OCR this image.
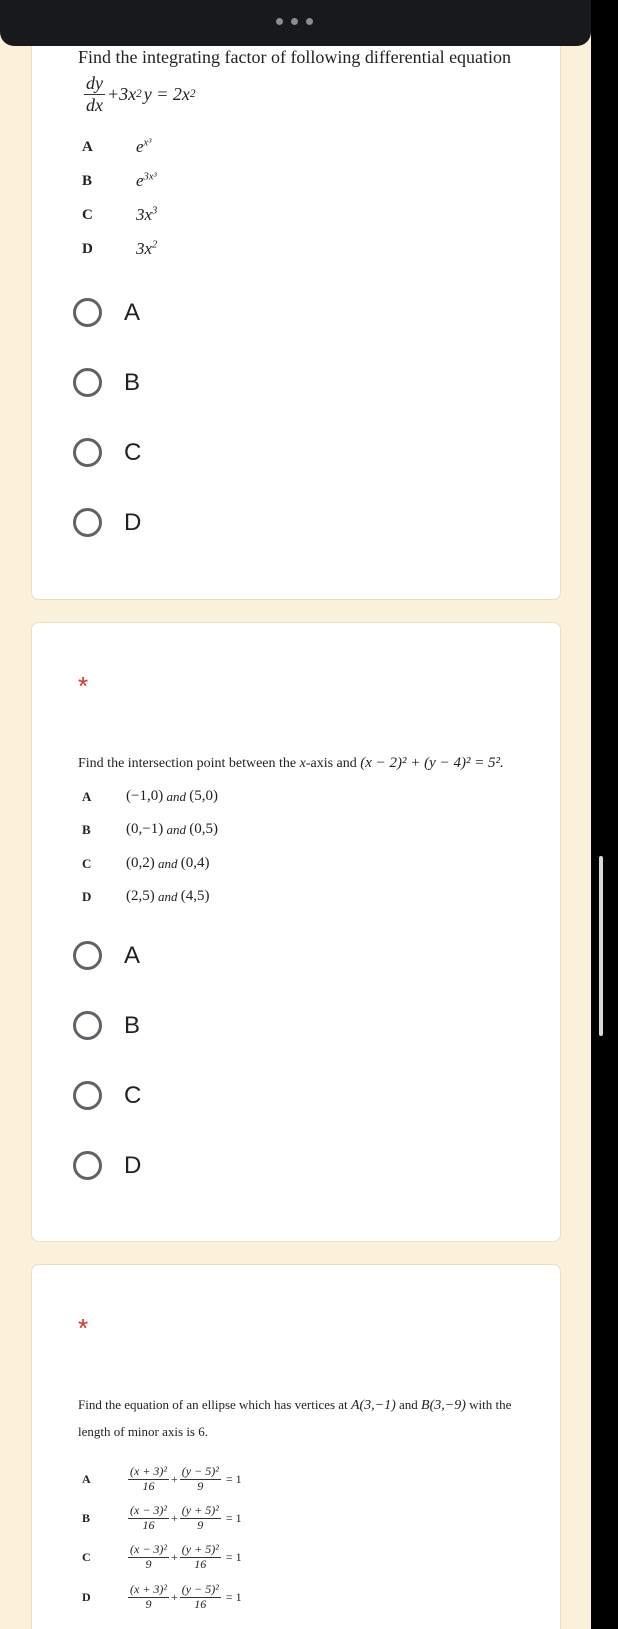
Find the integrating factor of following differential equation
$\frac{dy}{dx} +3x$ 2 y = 2x 2
A	$e^{x^3}$
B	$e^{3x^3}$
C	$3x^3$
D	$3x^2$
A
B
C
D
*
Find the intersection point between the x-axis and (x − 2)² + (y − 4)² = 5².
A	(−1,0)
and
(5,0)
B	(0,−1)
and
(0,5)
C	(0,2)
and
(0,4)
D	(2,5)
and
(4,5)
A
B
C
D
*
Find the equation of an ellipse which has vertices at A(3,−1) and B(3,−9) with the
length of minor axis is 6.
A	$\frac{\text{(x + 3)²}}{16} + \frac{\text{(y − 5)²}}{9} = 1$
B	$\frac{\text{(x − 3)²}}{16} + \frac{\text{(y + 5)²}}{9} = 1$
C	$\frac{\text{(x − 3)²}}{9} + \frac{\text{(y + 5)²}}{16} = 1$
D	$\frac{\text{(x + 3)²}}{9} + \frac{\text{(y − 5)²}}{16} = 1$
